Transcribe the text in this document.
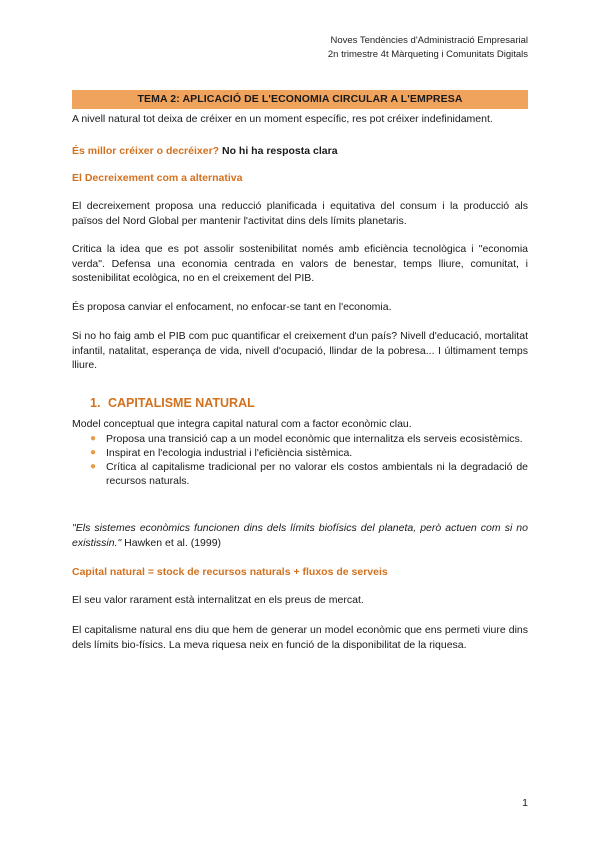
Noves Tendències d'Administració Empresarial
2n trimestre 4t Màrqueting i Comunitats Digitals
TEMA 2: APLICACIÓ DE L'ECONOMIA CIRCULAR A L'EMPRESA
A nivell natural tot deixa de créixer en un moment específic, res pot créixer indefinidament.
És millor créixer o decréixer? No hi ha resposta clara
El Decreixement com a alternativa
El decreixement proposa una reducció planificada i equitativa del consum i la producció als països del Nord Global per mantenir l'activitat dins dels límits planetaris.
Critica la idea que es pot assolir sostenibilitat només amb eficiència tecnològica i "economia verda". Defensa una economia centrada en valors de benestar, temps lliure, comunitat, i sostenibilitat ecològica, no en el creixement del PIB.
És proposa canviar el enfocament, no enfocar-se tant en l'economia.
Si no ho faig amb el PIB com puc quantificar el creixement d'un país? Nivell d'educació, mortalitat infantil, natalitat, esperança de vida, nivell d'ocupació, llindar de la pobresa... I últimament temps lliure.
1. CAPITALISME NATURAL
Model conceptual que integra capital natural com a factor econòmic clau.
● Proposa una transició cap a un model econòmic que internalitza els serveis ecosistèmics.
● Inspirat en l'ecologia industrial i l'eficiència sistèmica.
● Crítica al capitalisme tradicional per no valorar els costos ambientals ni la degradació de recursos naturals.
"Els sistemes econòmics funcionen dins dels límits biofísics del planeta, però actuen com si no existissin." Hawken et al. (1999)
Capital natural = stock de recursos naturals + fluxos de serveis
El seu valor rarament està internalitzat en els preus de mercat.
El capitalisme natural ens diu que hem de generar un model econòmic que ens permeti viure dins dels límits bio-físics. La meva riquesa neix en funció de la disponibilitat de la riquesa.
1
